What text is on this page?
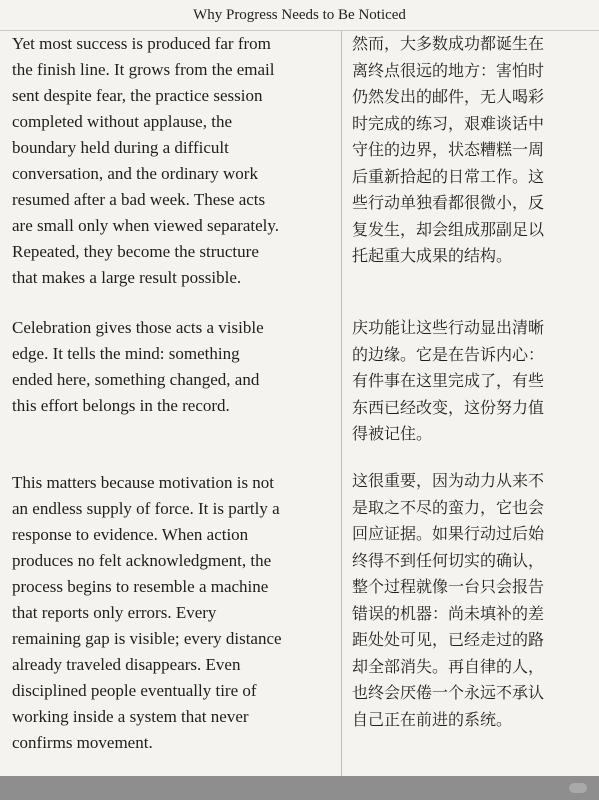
Why Progress Needs to Be Noticed
Yet most success is produced far from
the finish line. It grows from the email
sent despite fear, the practice session
completed without applause, the
boundary held during a difficult
conversation, and the ordinary work
resumed after a bad week. These acts
are small only when viewed separately.
Repeated, they become the structure
that makes a large result possible.
Celebration gives those acts a visible
edge. It tells the mind: something
ended here, something changed, and
this effort belongs in the record.
This matters because motivation is not
an endless supply of force. It is partly a
response to evidence. When action
produces no felt acknowledgment, the
process begins to resemble a machine
that reports only errors. Every
remaining gap is visible; every distance
already traveled disappears. Even
disciplined people eventually tire of
working inside a system that never
confirms movement.
然而，大多数成功都诞生在
离终点很远的地方：害怕时
仍然发出的邮件，无人喝彩
时完成的练习，艰难谈话中
守住的边界，状态糟糕一周
后重新拾起的日常工作。这
些行动单独看都很微小，反
复发生，却会组成那副足以
托起重大成果的结构。
庆功能让这些行动显出清晰
的边缘。它是在告诉内心：
有件事在这里完成了，有些
东西已经改变，这份努力值
得被记住。
这很重要，因为动力从来不
是取之不尽的蛮力，它也会
回应证据。如果行动过后始
终得不到任何切实的确认，
整个过程就像一台只会报告
错误的机器：尚未填补的差
距处处可见，已经走过的路
却全部消失。再自律的人，
也终会厌倦一个永远不承认
自己正在前进的系统。
